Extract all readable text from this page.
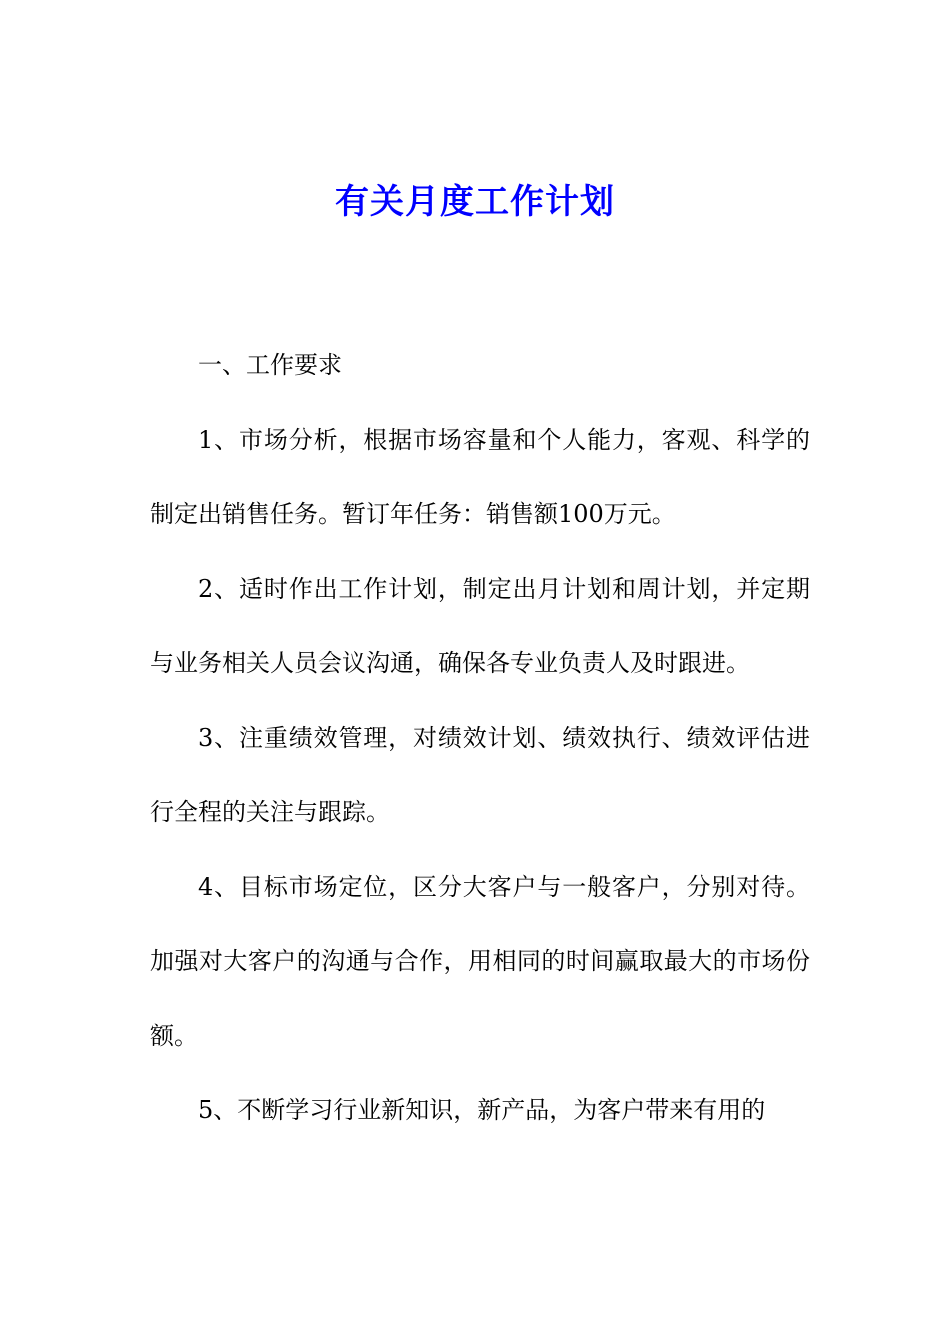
有关月度工作计划

一、工作要求

1、市场分析，根据市场容量和个人能力，客观、科学的制定出销售任务。暂订年任务：销售额100万元。

2、适时作出工作计划，制定出月计划和周计划，并定期与业务相关人员会议沟通，确保各专业负责人及时跟进。

3、注重绩效管理，对绩效计划、绩效执行、绩效评估进行全程的关注与跟踪。

4、目标市场定位，区分大客户与一般客户，分别对待。加强对大客户的沟通与合作，用相同的时间赢取最大的市场份额。

5、不断学习行业新知识，新产品，为客户带来有用的
